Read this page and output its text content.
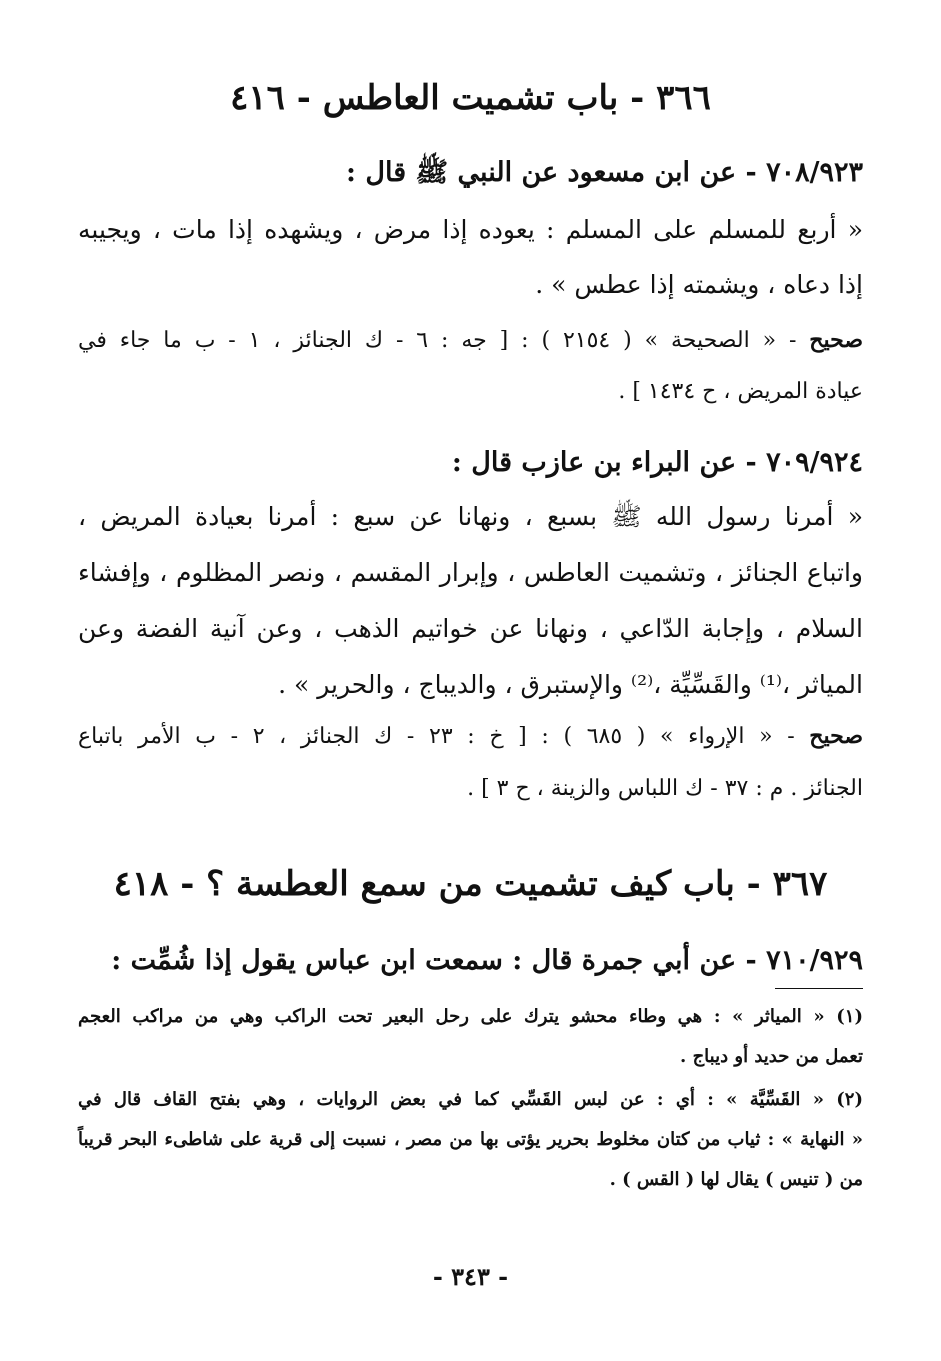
٣٦٦ - باب تشميت العاطس - ٤١٦
٧٠٨/٩٢٣ - عن ابن مسعود عن النبي ﷺ قال :
« أربع للمسلم على المسلم : يعوده إذا مرض ، ويشهده إذا مات ، ويجيبه
إذا دعاه ، ويشمته إذا عطس » .
صحيح - « الصحيحة » ( ٢١٥٤ ) : [ جه : ٦ - ك الجنائز ، ١ - ب ما جاء في
عيادة المريض ، ح ١٤٣٤ ] .
٧٠٩/٩٢٤ - عن البراء بن عازب قال :
« أمرنا رسول الله ﷺ بسبع ، ونهانا عن سبع : أمرنا بعيادة المريض ،
واتباع الجنائز ، وتشميت العاطس ، وإبرار المقسم ، ونصر المظلوم ، وإفشاء
السلام ، وإجابة الدّاعي ، ونهانا عن خواتيم الذهب ، وعن آنية الفضة وعن
المياثر ،⁽¹⁾ والقَسِّيِّة ،⁽²⁾ والإستبرق ، والديباج ، والحرير » .
صحيح - « الإرواء » ( ٦٨٥ ) : [ خ : ٢٣ - ك الجنائز ، ٢ - ب الأمر باتباع
الجنائز . م : ٣٧ - ك اللباس والزينة ، ح ٣ ] .
٣٦٧ - باب كيف تشميت من سمع العطسة ؟ - ٤١٨
٧١٠/٩٢٩ - عن أبي جمرة قال : سمعت ابن عباس يقول إذا شُمِّت :
(١) « المياثر » : هي وطاء محشو يترك على رحل البعير تحت الراكب وهي من مراكب العجم
تعمل من حديد أو ديباج .
(٢) « القَسِّيَّة » : أي : عن لبس القَسِّي كما في بعض الروايات ، وهي بفتح القاف قال في
« النهاية » : ثياب من كتان مخلوط بحرير يؤتى بها من مصر ، نسبت إلى قرية على شاطىء البحر قريباً
من ( تنيس ) يقال لها ( القس ) .
- ٣٤٣ -
